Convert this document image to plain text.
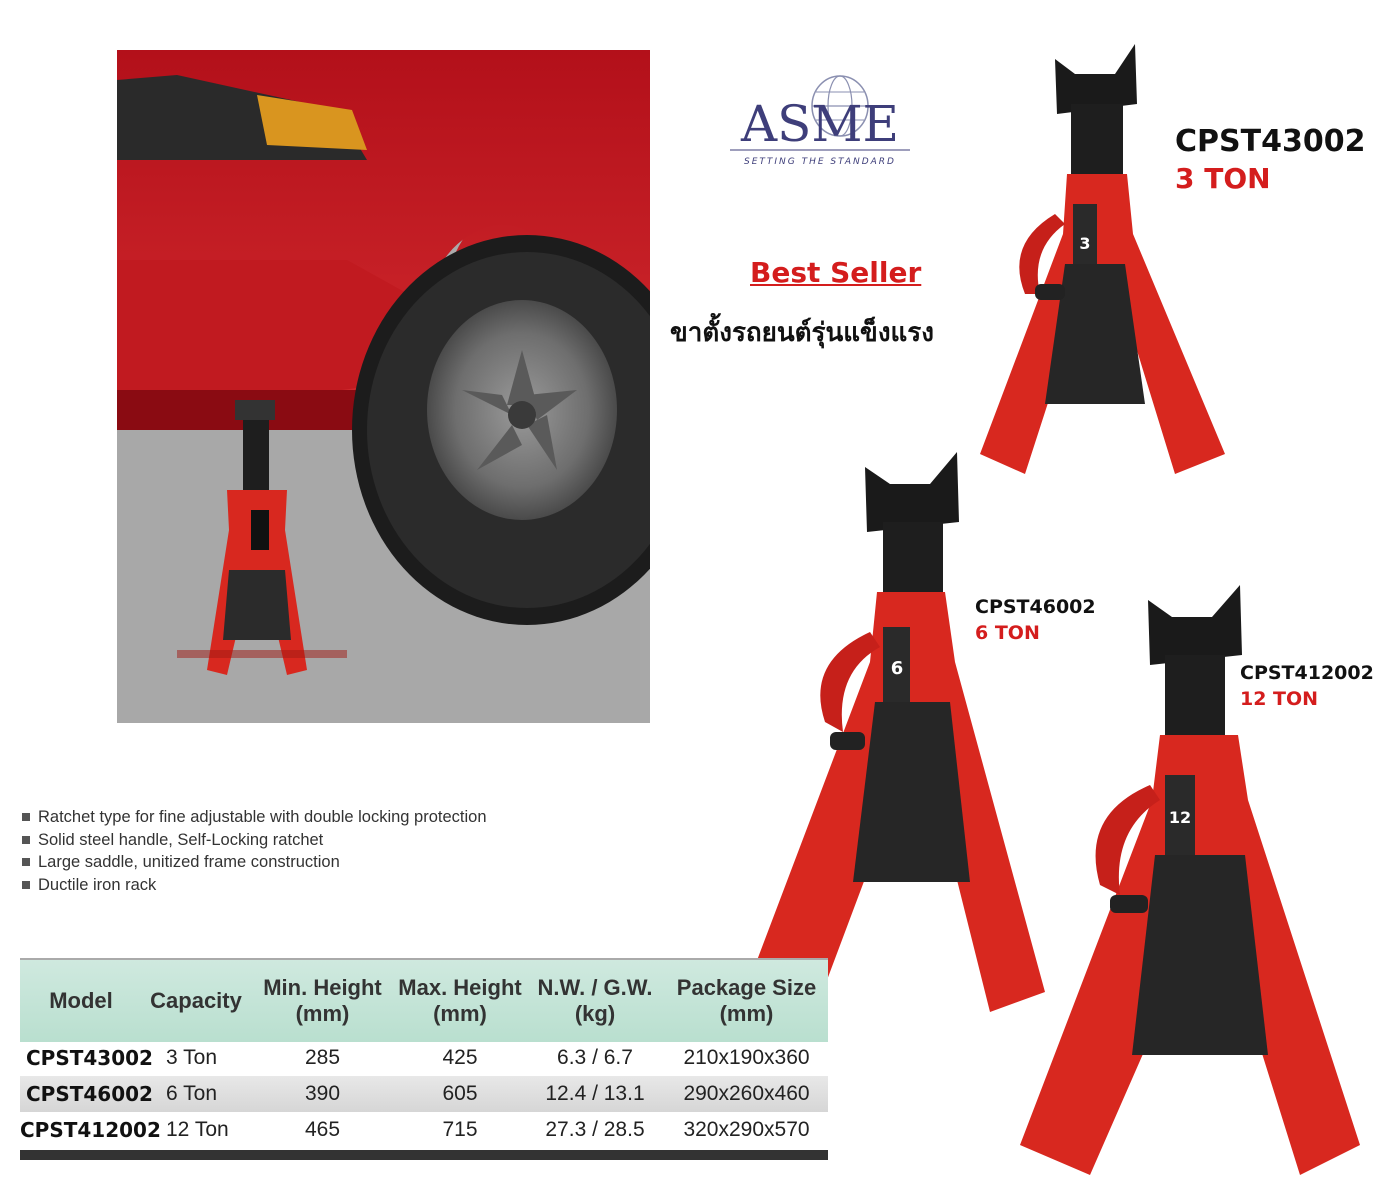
ASME
SETTING THE STANDARD
Best Seller
ขาตั้งรถยนต์รุ่นแข็งแรง
CPST43002
3 TON
CPST46002
6 TON
CPST412002
12 TON
MEGA
3
MEGA
6
MEGA
12
Ratchet type for fine adjustable with double locking protection
Solid steel handle, Self-Locking ratchet
Large saddle, unitized frame construction
Ductile iron rack
Model Capacity
Min. Height
(mm)
Max. Height
(mm)
N.W. / G.W.
(kg)
Package Size
(mm)
CPST43002 3 Ton	285	425	6.3 / 6.7	210x190x360
CPST46002 6 Ton	390	605	12.4 / 13.1	290x260x460
CPST412002 12 Ton	465	715	27.3 / 28.5	320x290x570
